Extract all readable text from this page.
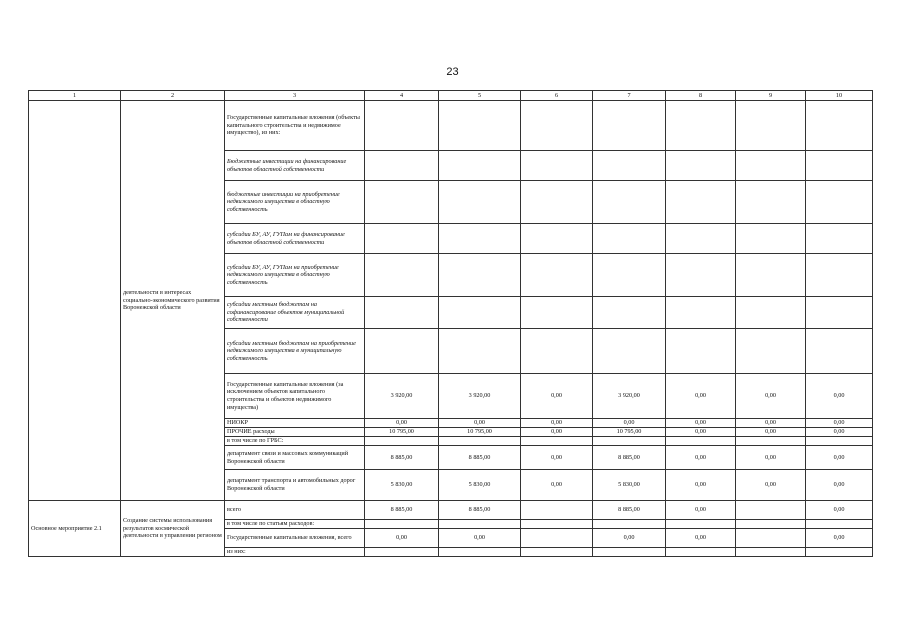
23
1	2	3	4	5	6	7	8	9	10
	деятельности в интересах социально-экономического развития Воронежской области	Государственные капитальные вложения (объекты капитального строительства и недвижимое имущество), из них:							
		Бюджетные инвестиции на финансирование объектов областной собственности							
		бюджетные инвестиции на приобретение недвижимого имущества в областную собственность							
		субсидии БУ, АУ, ГУПам на финансирование объектов областной собственности							
		субсидии БУ, АУ, ГУПам на приобретение недвижимого имущества в областную собственность							
		субсидии местным бюджетам на софинансирование объектов муниципальной собственности							
		субсидии местным бюджетам на приобретение недвижимого имущества в муниципальную собственность							
		Государственные капитальные вложения (за исключением объектов капитального строительства и объектов недвижимого имущества)	3 920,00	3 920,00	0,00	3 920,00	0,00	0,00	0,00
		НИОКР	0,00	0,00	0,00	0,00	0,00	0,00	0,00
		ПРОЧИЕ расходы	10 795,00	10 795,00	0,00	10 795,00	0,00	0,00	0,00
		в том числе по ГРБС:							
		департамент связи и массовых коммуникаций Воронежской области	8 885,00	8 885,00	0,00	8 885,00	0,00	0,00	0,00
		департамент транспорта и автомобильных дорог Воронежской области	5 830,00	5 830,00	0,00	5 830,00	0,00	0,00	0,00
Основное мероприятие 2.1	Создание системы использования результатов космической деятельности в управлении регионом	всего	8 885,00	8 885,00		8 885,00	0,00		0,00
		в том числе по статьям расходов:							
		Государственные капитальные вложения, всего	0,00	0,00		0,00	0,00		0,00
		из них:							
